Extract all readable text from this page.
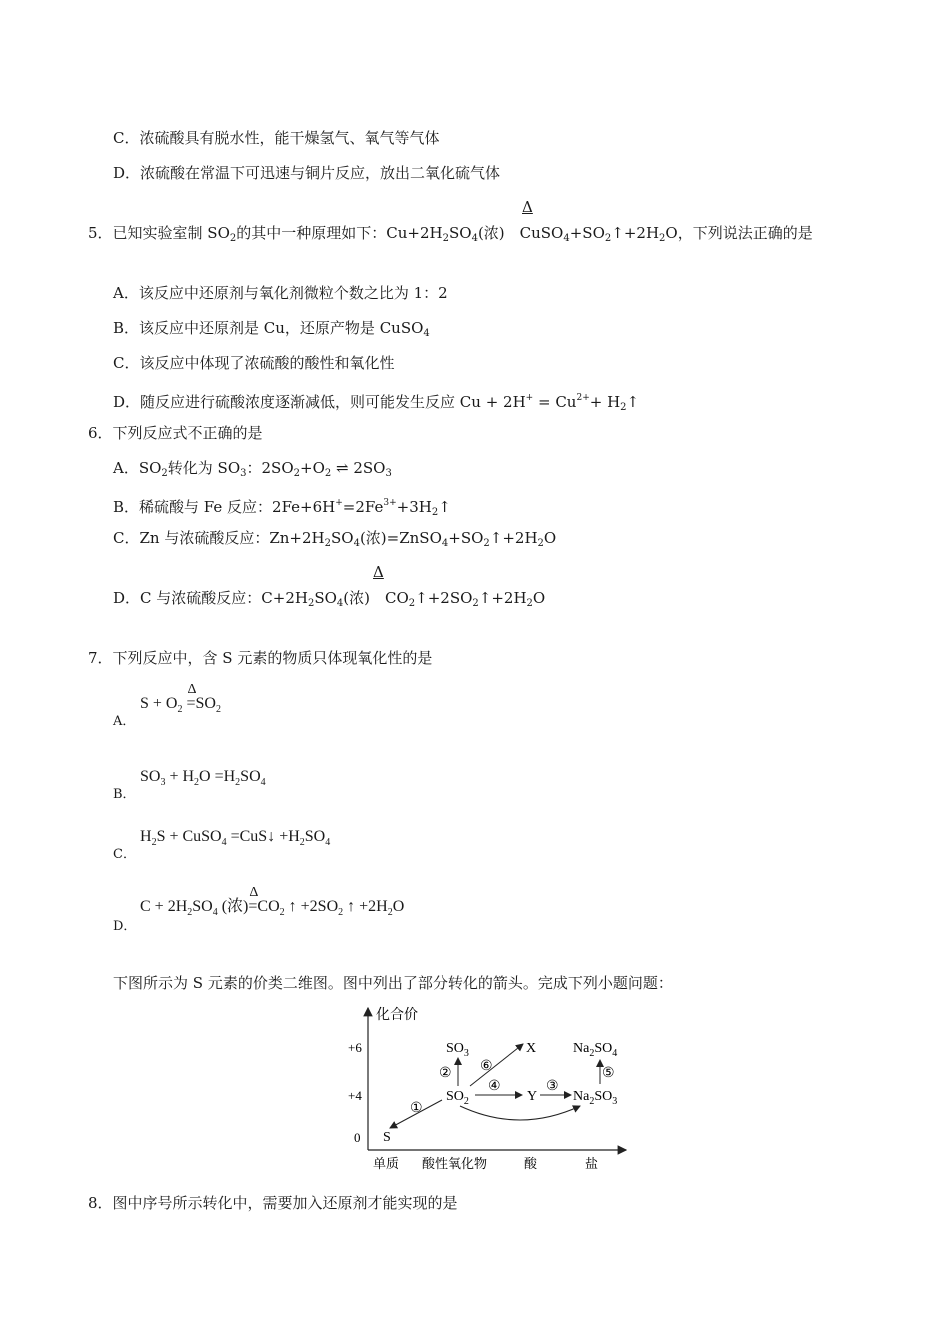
C．浓硫酸具有脱水性，能干燥氢气、氧气等气体
D．浓硫酸在常温下可迅速与铜片反应，放出二氧化硫气体
Δ
5．已知实验室制 $SO_2$的其中一种原理如下：$Cu+2H_2SO_4$(浓)　$CuSO_4+SO_2↑+2H_2O$，下列说法正确的是
A．该反应中还原剂与氧化剂微粒个数之比为 1：2
B．该反应中还原剂是 Cu，还原产物是 CuSO$_4$
C．该反应中体现了浓硫酸的酸性和氧化性
D．随反应进行硫酸浓度逐渐减低，则可能发生反应 $Cu + 2H^+ = Cu^{2+}+$ $H_2↑$
6．下列反应式不正确的是
A．$SO_2$转化为 $SO_3$：$2SO_2+O_2$ ⇌ $2SO_3$
B．稀硫酸与 Fe 反应：$2Fe+6H^+=2Fe^{3+}+3H_2↑$
C．Zn 与浓硫酸反应：$Zn+2H_2SO_4$(浓)$=ZnSO_4+SO_2↑+2H_2O$
Δ
D．C 与浓硫酸反应：$C+2H_2SO_4$(浓)　$CO_2↑+2SO_2↑+2H_2O$
7．下列反应中，含 S 元素的物质只体现氧化性的是
A．
$S + O_2$ =
Δ
$SO_2$
B．
$SO_3 + H_2O =H_2SO_4$
C．
$H_2S$ + CuSO$_4$ =CuS↓ $+H_2SO_4$
D．
$C + 2H_2SO_4$ (浓)=
Δ
$CO_2$ ↑ $+2SO_2$ ↑ $+2H_2O$
下图所示为 S 元素的价类二维图。图中列出了部分转化的箭头。完成下列小题问题：
化合价
+6
+4
0
单质 酸性氧化物	酸	盐
S
$SO_2$
$SO_3$	X
Y	$Na_2SO_3$
$Na_2SO_4$
①
②
③
④
⑤
⑥
8．图中序号所示转化中，需要加入还原剂才能实现的是
